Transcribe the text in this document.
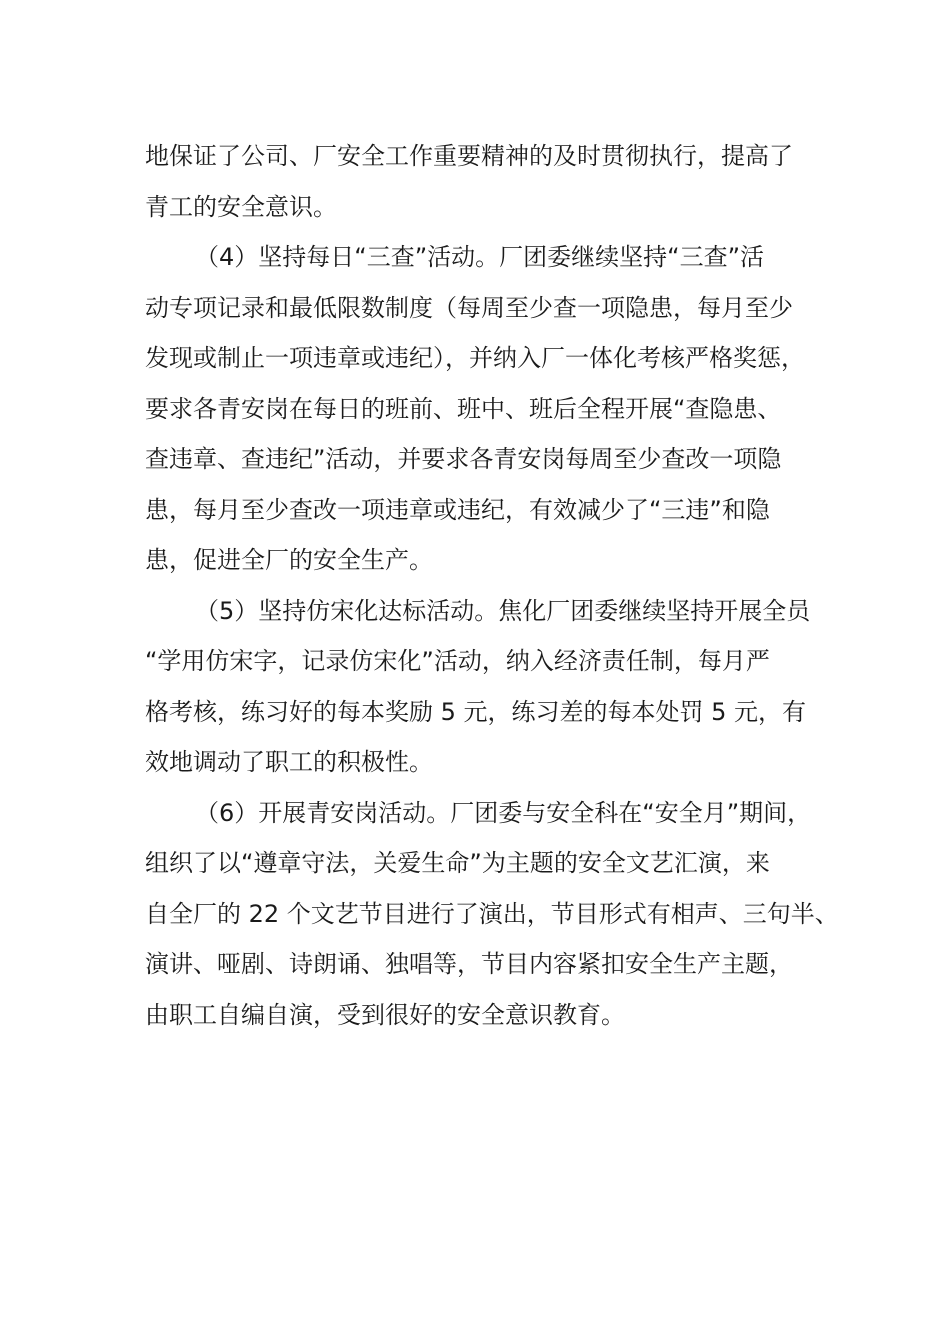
地保证了公司、厂安全工作重要精神的及时贯彻执行，提高了
青工的安全意识。
（4）坚持每日“三查”活动。厂团委继续坚持“三查”活
动专项记录和最低限数制度（每周至少查一项隐患，每月至少
发现或制止一项违章或违纪），并纳入厂一体化考核严格奖惩，
要求各青安岗在每日的班前、班中、班后全程开展“查隐患、
查违章、查违纪”活动，并要求各青安岗每周至少查改一项隐
患，每月至少查改一项违章或违纪，有效减少了“三违”和隐
患，促进全厂的安全生产。
（5）坚持仿宋化达标活动。焦化厂团委继续坚持开展全员
“学用仿宋字，记录仿宋化”活动，纳入经济责任制，每月严
格考核，练习好的每本奖励 5 元，练习差的每本处罚 5 元，有
效地调动了职工的积极性。
（6）开展青安岗活动。厂团委与安全科在“安全月”期间，
组织了以“遵章守法，关爱生命”为主题的安全文艺汇演，来
自全厂的 22 个文艺节目进行了演出，节目形式有相声、三句半、
演讲、哑剧、诗朗诵、独唱等，节目内容紧扣安全生产主题，
由职工自编自演，受到很好的安全意识教育。
